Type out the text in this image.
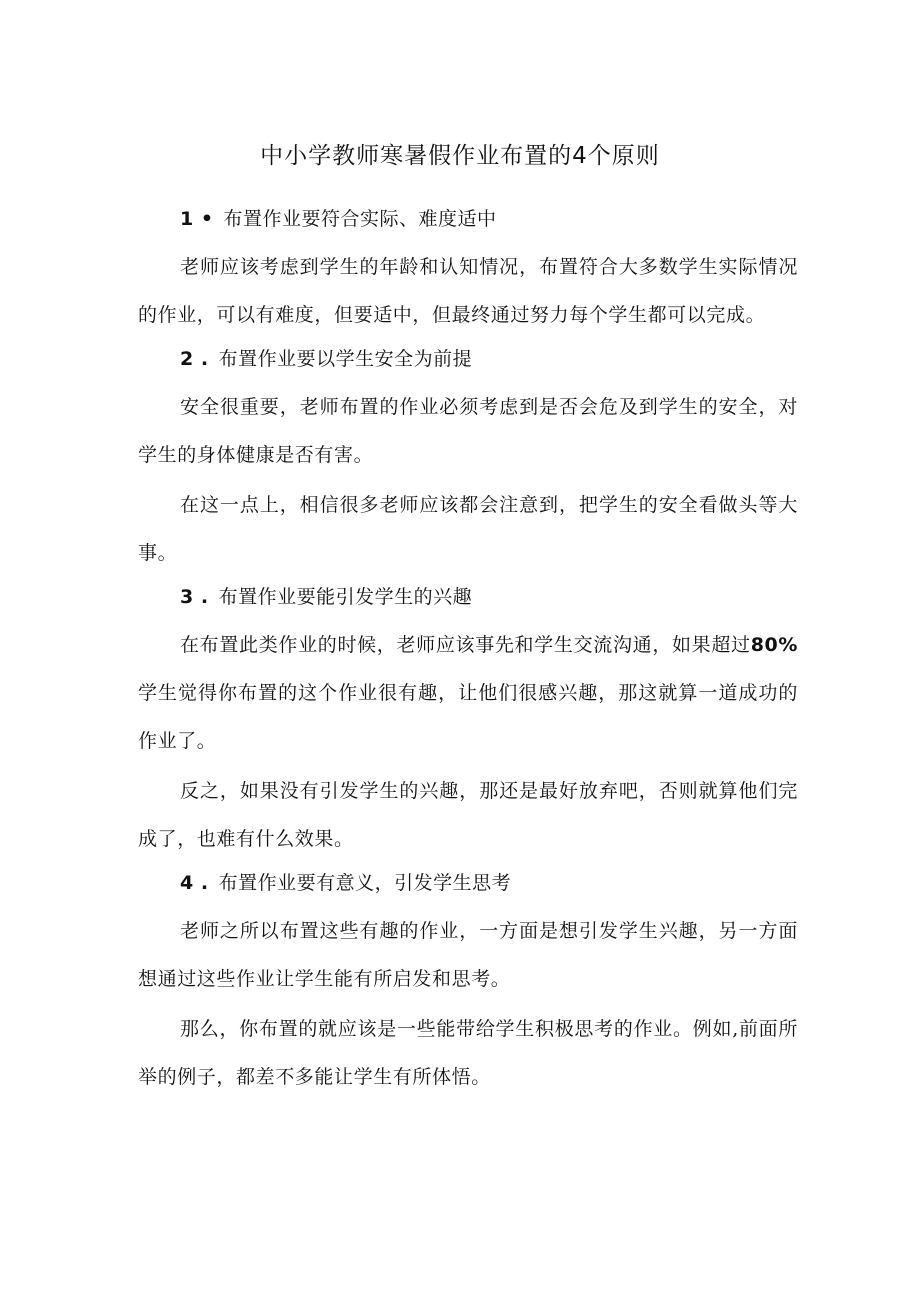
中小学教师寒暑假作业布置的4个原则
1 • 布置作业要符合实际、难度适中

老师应该考虑到学生的年龄和认知情况，布置符合大多数学生实际情况的作业，可以有难度，但要适中，但最终通过努力每个学生都可以完成。

2 . 布置作业要以学生安全为前提

安全很重要，老师布置的作业必须考虑到是否会危及到学生的安全，对学生的身体健康是否有害。

在这一点上，相信很多老师应该都会注意到，把学生的安全看做头等大事。

3 . 布置作业要能引发学生的兴趣

在布置此类作业的时候，老师应该事先和学生交流沟通，如果超过80%学生觉得你布置的这个作业很有趣，让他们很感兴趣，那这就算一道成功的作业了。

反之，如果没有引发学生的兴趣，那还是最好放弃吧，否则就算他们完成了，也难有什么效果。

4 . 布置作业要有意义，引发学生思考

老师之所以布置这些有趣的作业，一方面是想引发学生兴趣，另一方面想通过这些作业让学生能有所启发和思考。

那么，你布置的就应该是一些能带给学生积极思考的作业。例如,前面所举的例子，都差不多能让学生有所体悟。
